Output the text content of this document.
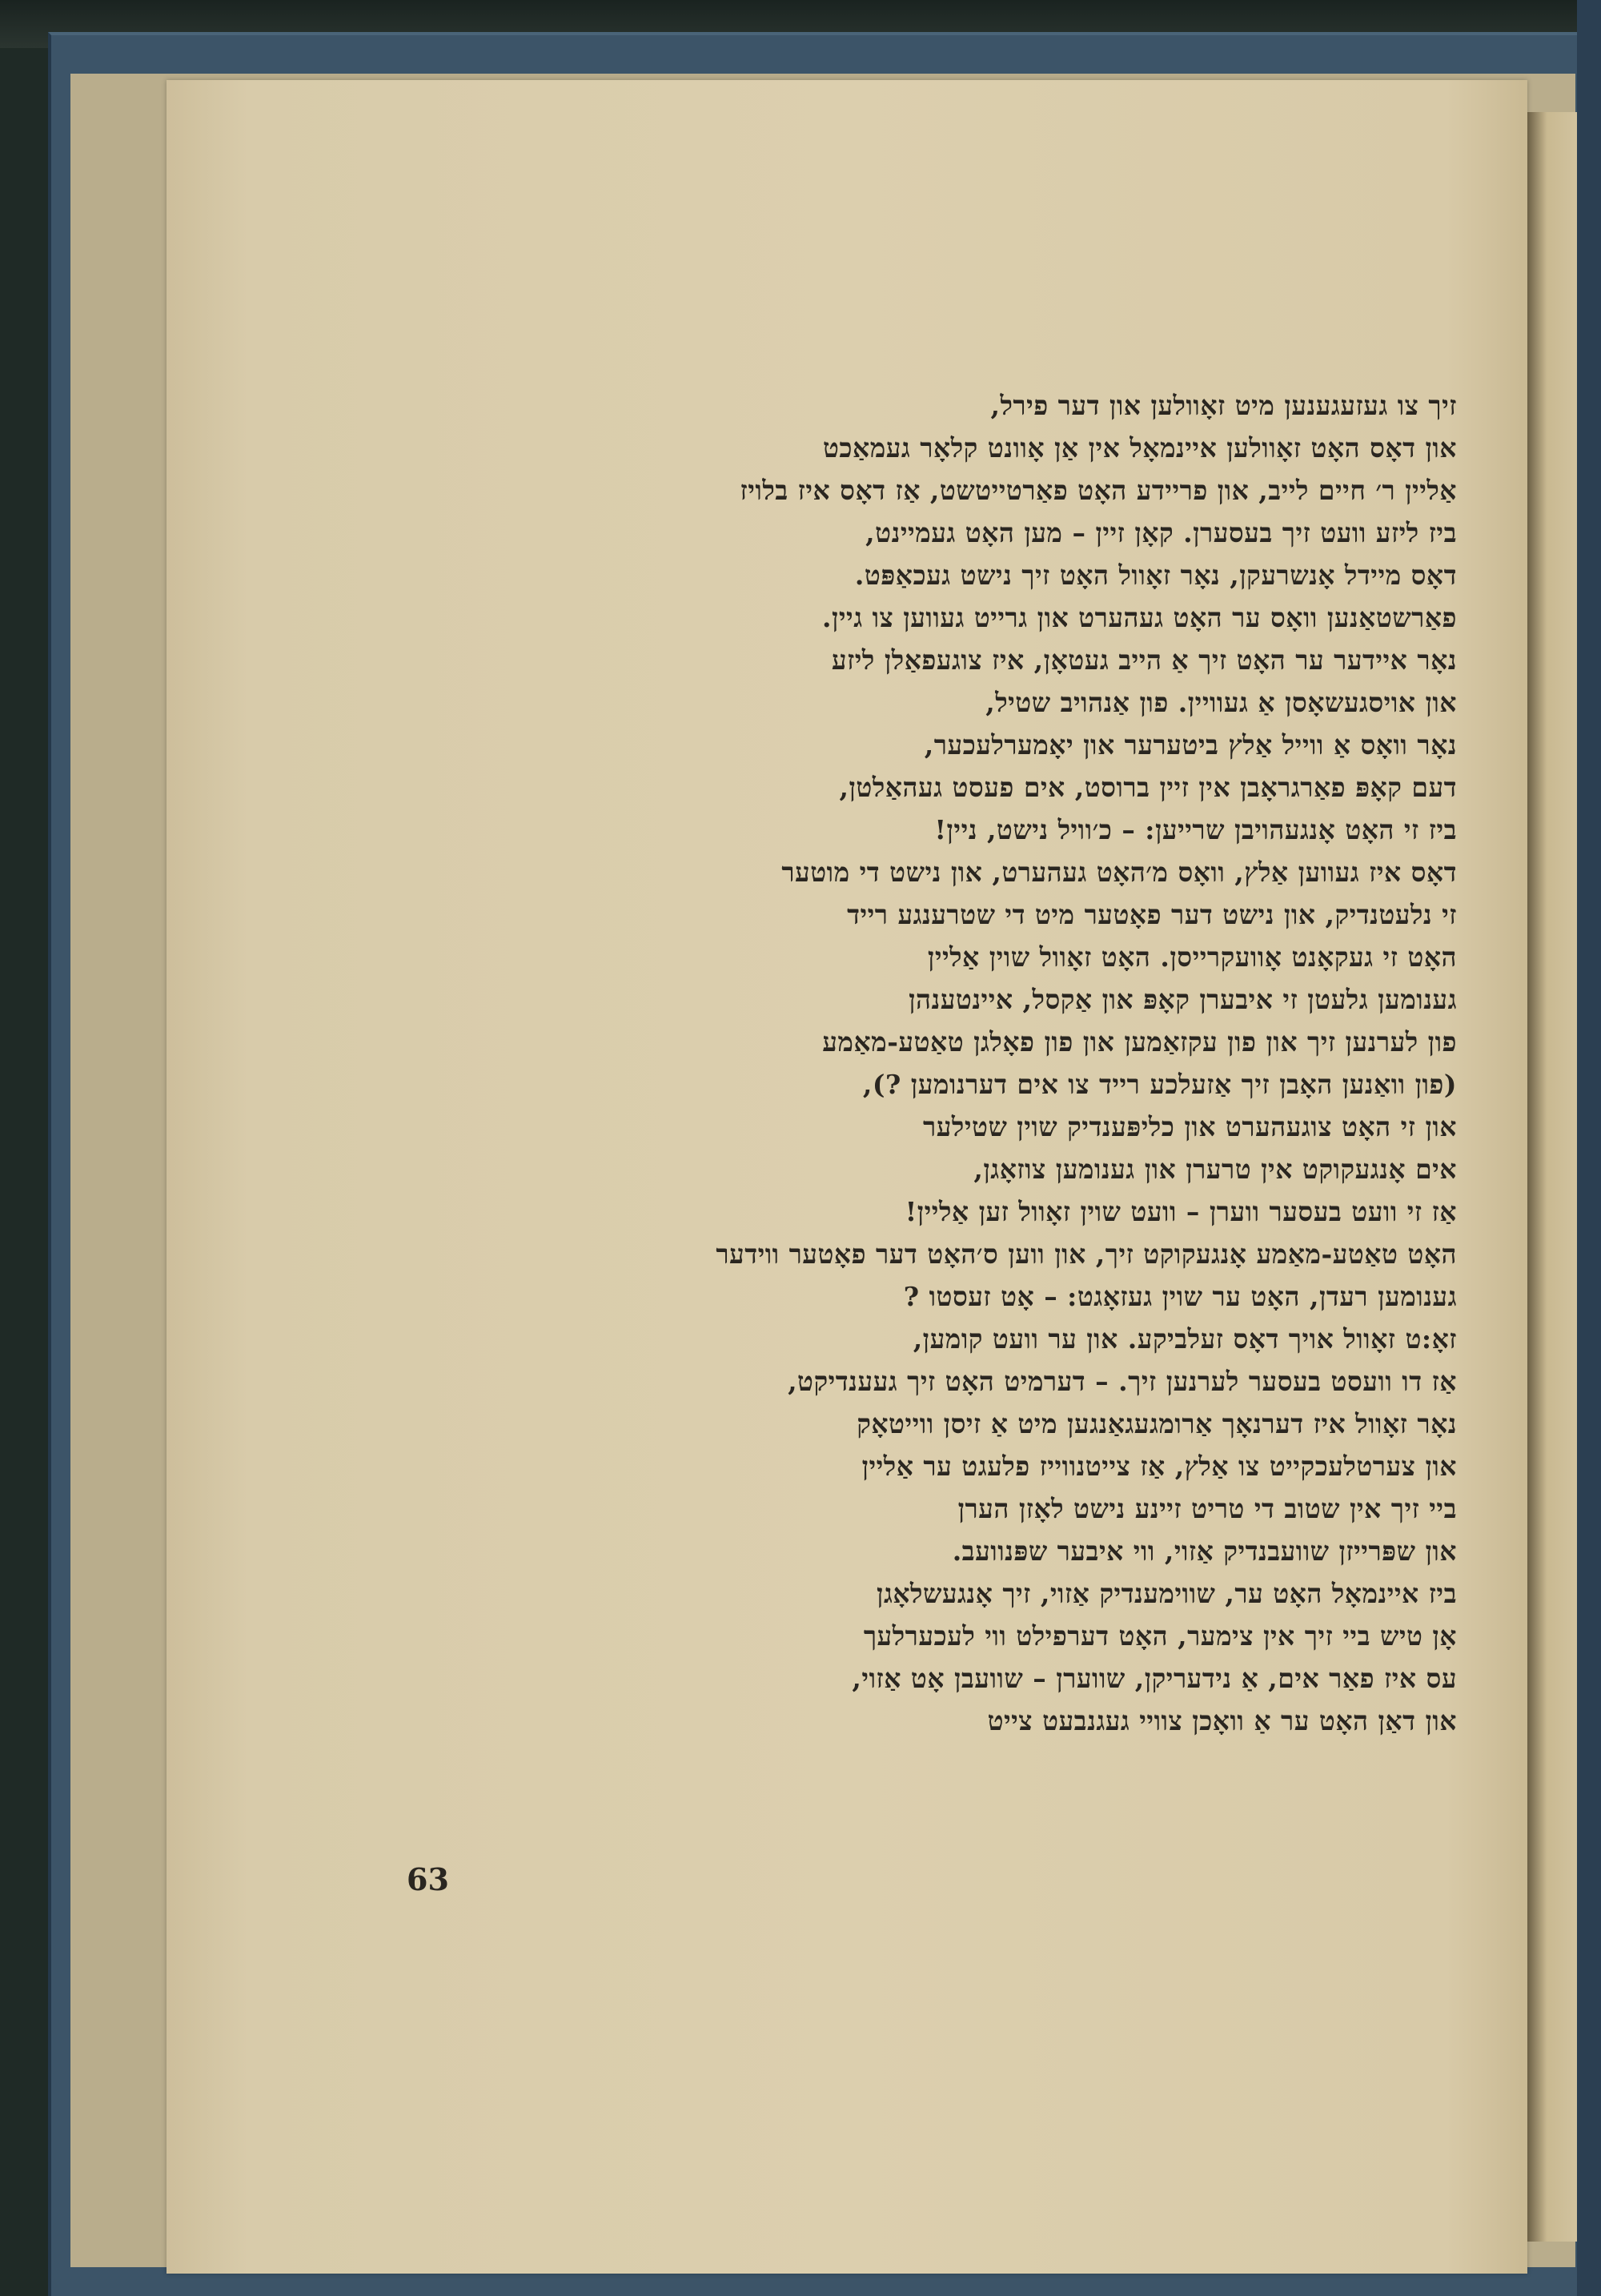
זיך צו געזעגענען מיט זאָוולען און דער פירל,
און דאָס האָט זאָוולען איינמאָל אין אַן אָוונט קלאָר געמאַכט
אַליין ר׳ חיים לייב, און פריידע האָט פאַרטייטשט, אַז דאָס איז בלויז
ביז ליזע וועט זיך בעסערן. קאָן זיין – מען האָט געמיינט,
דאָס מיידל אָנשרעקן, נאָר זאָוול האָט זיך נישט געכאַפּט.
פאַרשטאַנען וואָס ער האָט געהערט און גרייט געווען צו גיין.
נאָר איידער ער האָט זיך אַ הייב געטאָן, איז צוגעפאַלן ליזע
און אויסגעשאָסן אַ געוויין. פון אַנהויב שטיל,
נאָר וואָס אַ ווייל אַלץ ביטערער און יאָמערלעכער,
דעם קאָפּ פאַרגראָבן אין זיין ברוסט, אים פעסט געהאַלטן,
ביז זי האָט אָנגעהויבן שרייען: – כ׳וויל נישט, ניין!
דאָס איז געווען אַלץ, וואָס מ׳האָט געהערט, און נישט די מוטער
זי נלעטנדיק, און נישט דער פאָטער מיט די שטרענגע רייד
האָט זי געקאָנט אָוועקרייסן. האָט זאָוול שוין אַליין
גענומען גלעטן זי איבערן קאָפּ און אַקסל, איינטענהן
פון לערנען זיך און פון עקזאַמען און פון פאָלגן טאַטע-מאַמע
(פון וואַנען האָבן זיך אַזעלכע רייד צו אים דערנומען ?),
און זי האָט צוגעהערט און כליפּענדיק שוין שטילער
אים אָנגעקוקט אין טרערן און גענומען צוזאָגן,
אַז זי וועט בעסער ווערן – וועט שוין זאָוול זען אַליין!
האָט טאַטע-מאַמע אָנגעקוקט זיך, און ווען ס׳האָט דער פאָטער ווידער
גענומען רעדן, האָט ער שוין געזאָגט: – אָט זעסטו ?
זאָ:ט זאָוול אויך דאָס זעלביקע. און ער וועט קומען,
אַז דו וועסט בעסער לערנען זיך. – דערמיט האָט זיך געענדיקט,
נאָר זאָוול איז דערנאָך אַרומגעגאַנגען מיט אַ זיסן ווייטאָק
און צערטלעכקייט צו אַלץ, אַז צייטנווייז פלעגט ער אַליין
ביי זיך אין שטוב די טריט זיינע נישט לאָזן הערן
און שפּרייזן שוועבנדיק אַזוי, ווי איבער שפּנוועב.
ביז איינמאָל האָט ער, שווימענדיק אַזוי, זיך אָנגעשלאָגן
אָן טיש ביי זיך אין צימער, האָט דערפילט ווי לעכערלעך
עס איז פאַר אים, אַ נידעריקן, שווערן – שוועבן אָט אַזוי,
און דאַן האָט ער אַ וואָכן צוויי געגנבעט צייט
63
